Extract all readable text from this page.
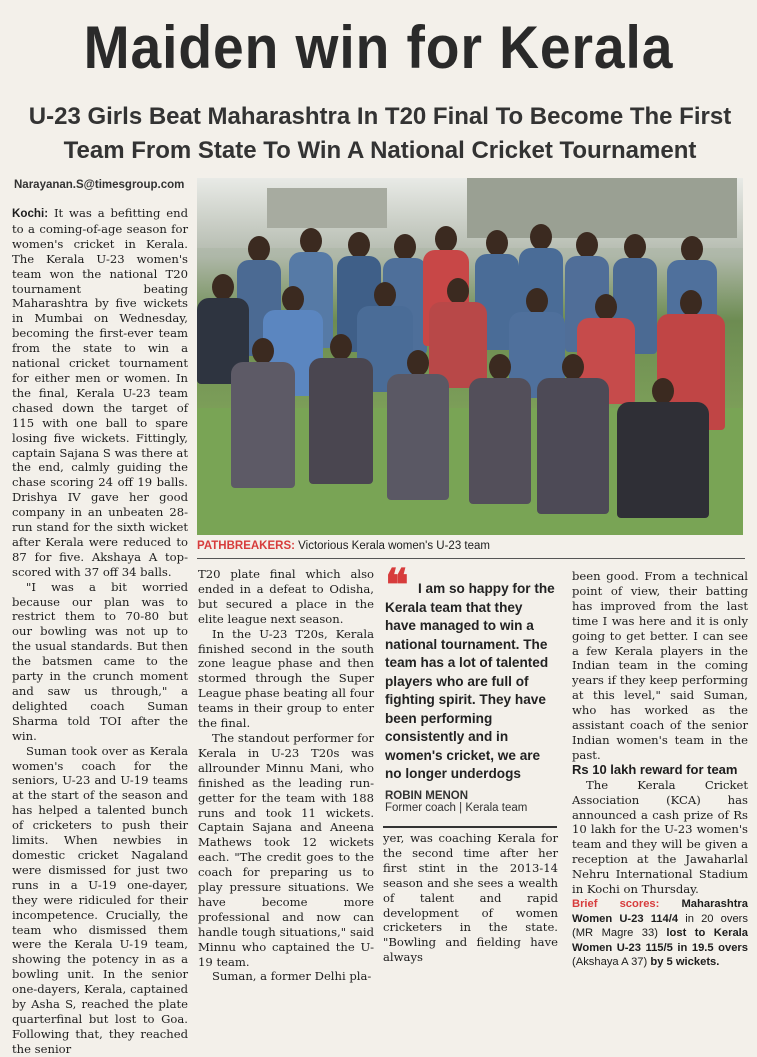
Maiden win for Kerala
U-23 Girls Beat Maharashtra In T20 Final To Become The First Team From State To Win A National Cricket Tournament
Narayanan.S@timesgroup.com
PATHBREAKERS: Victorious Kerala women's U-23 team

Kochi: It was a befitting end to a coming-of-age season for women's cricket in Kerala. The Kerala U-23 women's team won the national T20 tournament beating Maharashtra by five wickets in Mumbai on Wednesday, becoming the first-ever team from the state to win a national cricket tournament for either men or women. In the final, Kerala U-23 team chased down the target of 115 with one ball to spare losing five wickets. Fittingly, captain Sajana S was there at the end, calmly guiding the chase scoring 24 off 19 balls. Drishya IV gave her good company in an unbeaten 28-run stand for the sixth wicket after Kerala were reduced to 87 for five. Akshaya A top-scored with 37 off 34 balls.

"I was a bit worried because our plan was to restrict them to 70-80 but our bowling was not up to the usual standards. But then the batsmen came to the party in the crunch moment and saw us through," a delighted coach Suman Sharma told TOI after the win.

Suman took over as Kerala women's coach for the seniors, U-23 and U-19 teams at the start of the season and has helped a talented bunch of cricketers to push their limits. When newbies in domestic cricket Nagaland were dismissed for just two runs in a U-19 one-dayer, they were ridiculed for their incompetence. Crucially, the team who dismissed them were the Kerala U-19 team, showing the potency in as a bowling unit. In the senior one-dayers, Kerala, captained by Asha S, reached the plate quarterfinal but lost to Goa. Following that, they reached the senior

T20 plate final which also ended in a defeat to Odisha, but secured a place in the elite league next season.

In the U-23 T20s, Kerala finished second in the south zone league phase and then stormed through the Super League phase beating all four teams in their group to enter the final.

The standout performer for Kerala in U-23 T20s was allrounder Minnu Mani, who finished as the leading run-getter for the team with 188 runs and took 11 wickets. Captain Sajana and Aneena Mathews took 12 wickets each. "The credit goes to the coach for preparing us to play pressure situations. We have become more professional and now can handle tough situations," said Minnu who captained the U-19 team.

Suman, a former Delhi pla-

❝ I am so happy for the Kerala team that they have managed to win a national tournament. The team has a lot of talented players who are full of fighting spirit. They have been performing consistently and in women's cricket, we are no longer underdogs

ROBIN MENON
Former coach | Kerala team

yer, was coaching Kerala for the second time after her first stint in the 2013-14 season and she sees a wealth of talent and rapid development of women cricketers in the state. "Bowling and fielding have always

been good. From a technical point of view, their batting has improved from the last time I was here and it is only going to get better. I can see a few Kerala players in the Indian team in the coming years if they keep performing at this level," said Suman, who has worked as the assistant coach of the senior Indian women's team in the past.

Rs 10 lakh reward for team

The Kerala Cricket Association (KCA) has announced a cash prize of Rs 10 lakh for the U-23 women's team and they will be given a reception at the Jawaharlal Nehru International Stadium in Kochi on Thursday.

Brief scores: Maharashtra Women U-23 114/4 in 20 overs (MR Magre 33) lost to Kerala Women U-23 115/5 in 19.5 overs (Akshaya A 37) by 5 wickets.
